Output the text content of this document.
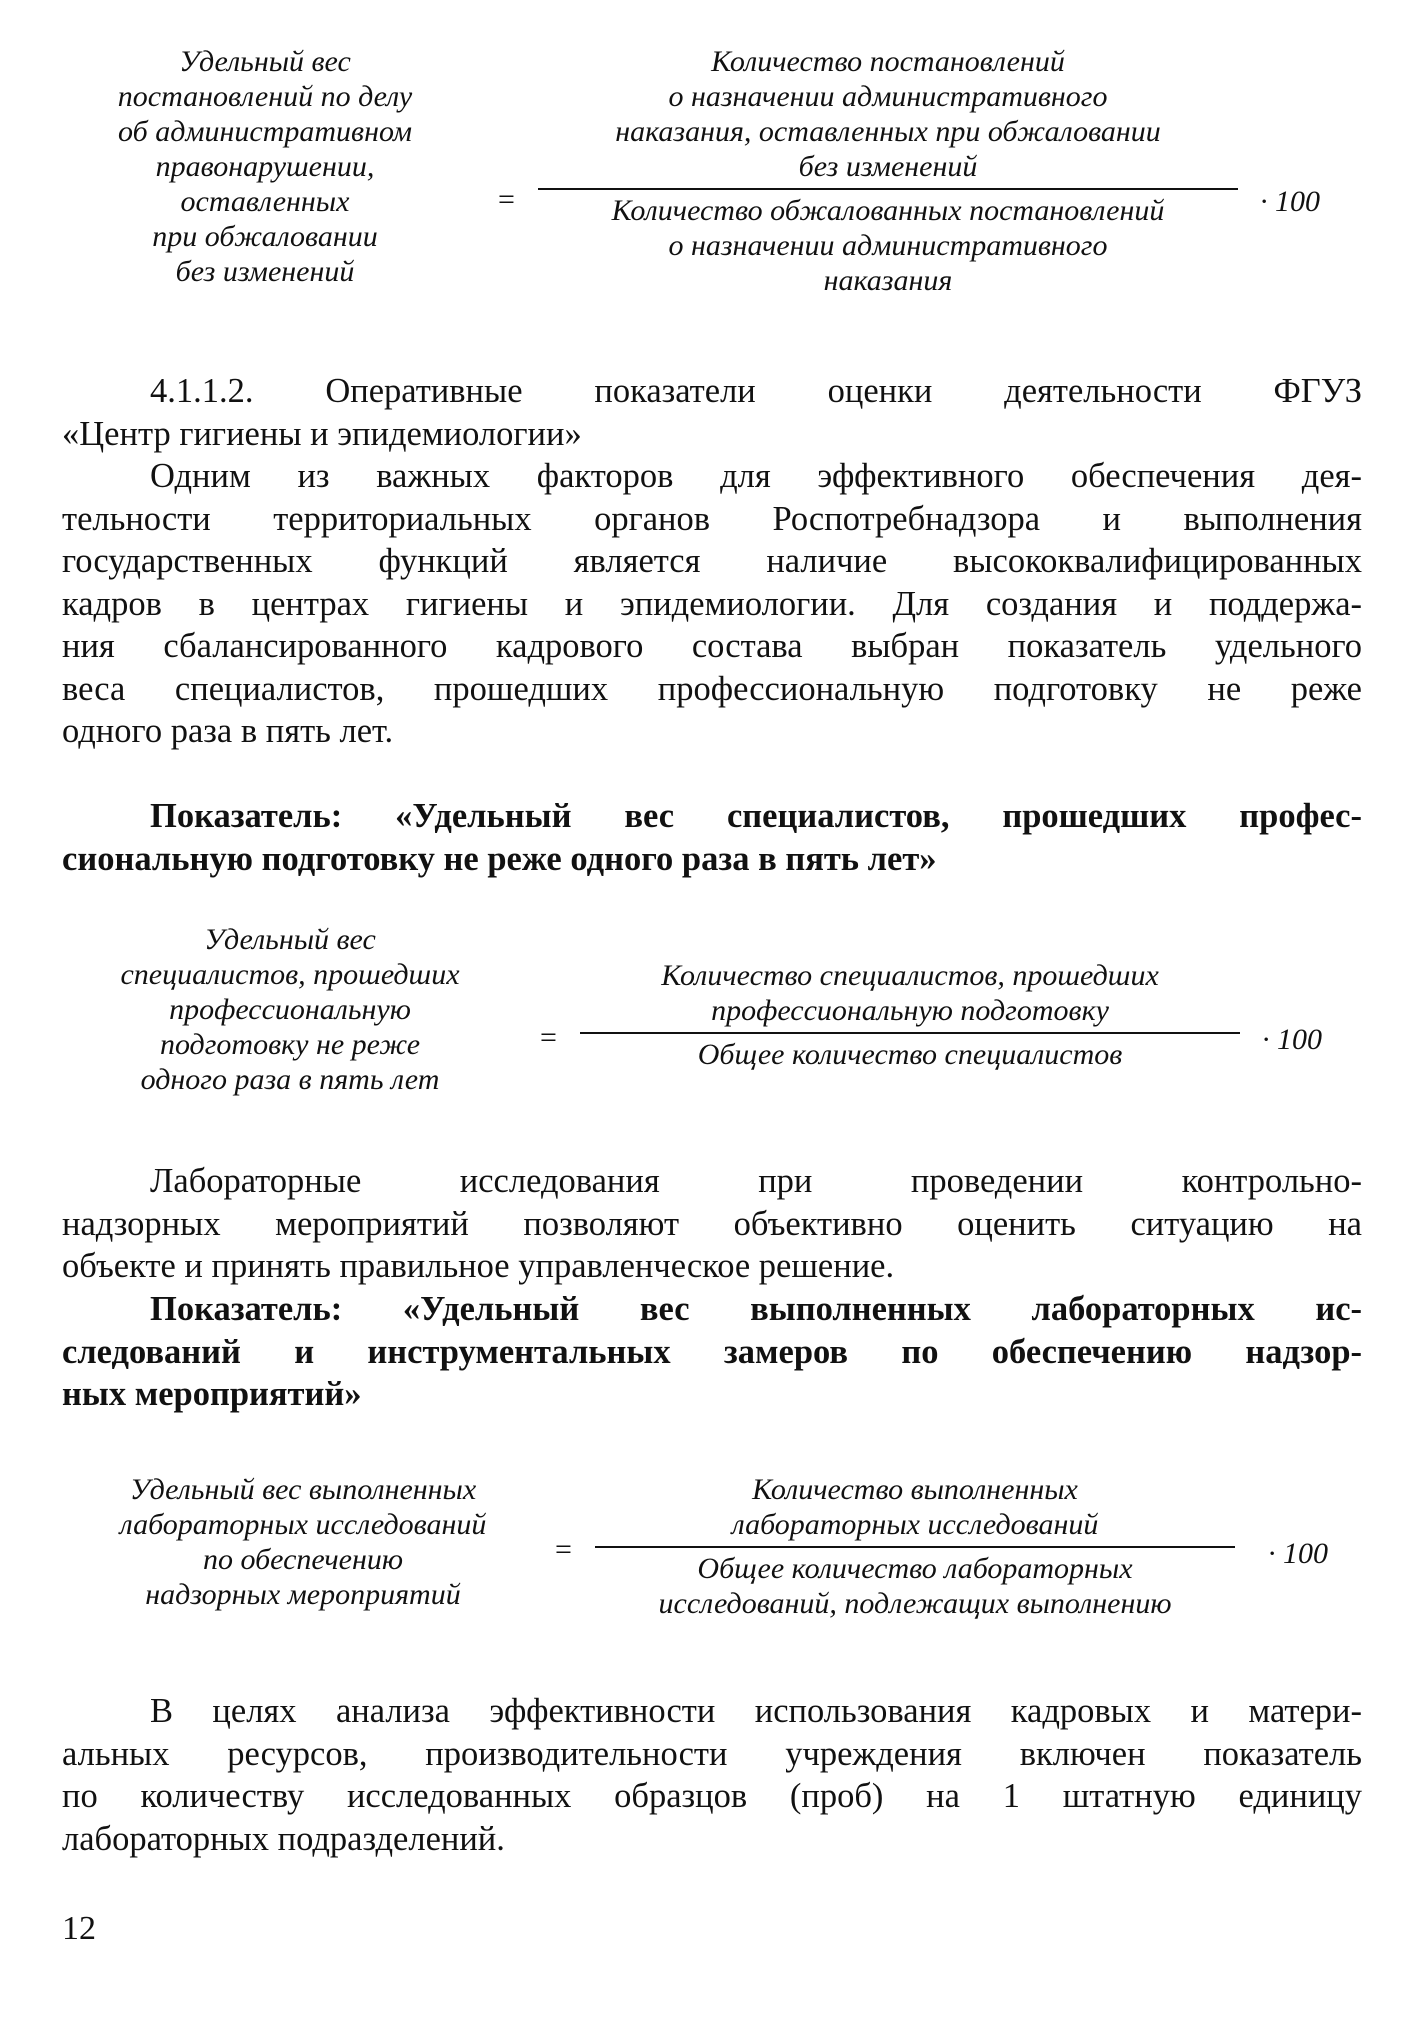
Удельный вес
постановлений по делу
об административном
правонарушении,
оставленных
при обжаловании
без изменений
=
Количество постановлений
о назначении административного
наказания, оставленных при обжаловании
без изменений
Количество обжалованных постановлений
о назначении административного
наказания
· 100
4.1.1.2. Оперативные показатели оценки деятельности ФГУЗ
«Центр гигиены и эпидемиологии»
Одним из важных факторов для эффективного обеспечения дея-
тельности территориальных органов Роспотребнадзора и выполнения
государственных функций является наличие высококвалифицированных
кадров в центрах гигиены и эпидемиологии. Для создания и поддержа-
ния сбалансированного кадрового состава выбран показатель удельного
веса специалистов, прошедших профессиональную подготовку не реже
одного раза в пять лет.
Показатель: «Удельный вес специалистов, прошедших профес-
сиональную подготовку не реже одного раза в пять лет»
Удельный вес
специалистов, прошедших
профессиональную
подготовку не реже
одного раза в пять лет
=
Количество специалистов, прошедших
профессиональную подготовку
Общее количество специалистов	· 100
Лабораторные исследования при проведении контрольно-
надзорных мероприятий позволяют объективно оценить ситуацию на
объекте и принять правильное управленческое решение.
Показатель: «Удельный вес выполненных лабораторных ис-
следований и инструментальных замеров по обеспечению надзор-
ных мероприятий»
Удельный вес выполненных
лабораторных исследований
по обеспечению
надзорных мероприятий
=
Количество выполненных
лабораторных исследований
Общее количество лабораторных
исследований, подлежащих выполнению
· 100
В целях анализа эффективности использования кадровых и матери-
альных ресурсов, производительности учреждения включен показатель
по количеству исследованных образцов (проб) на 1 штатную единицу
лабораторных подразделений.
12
